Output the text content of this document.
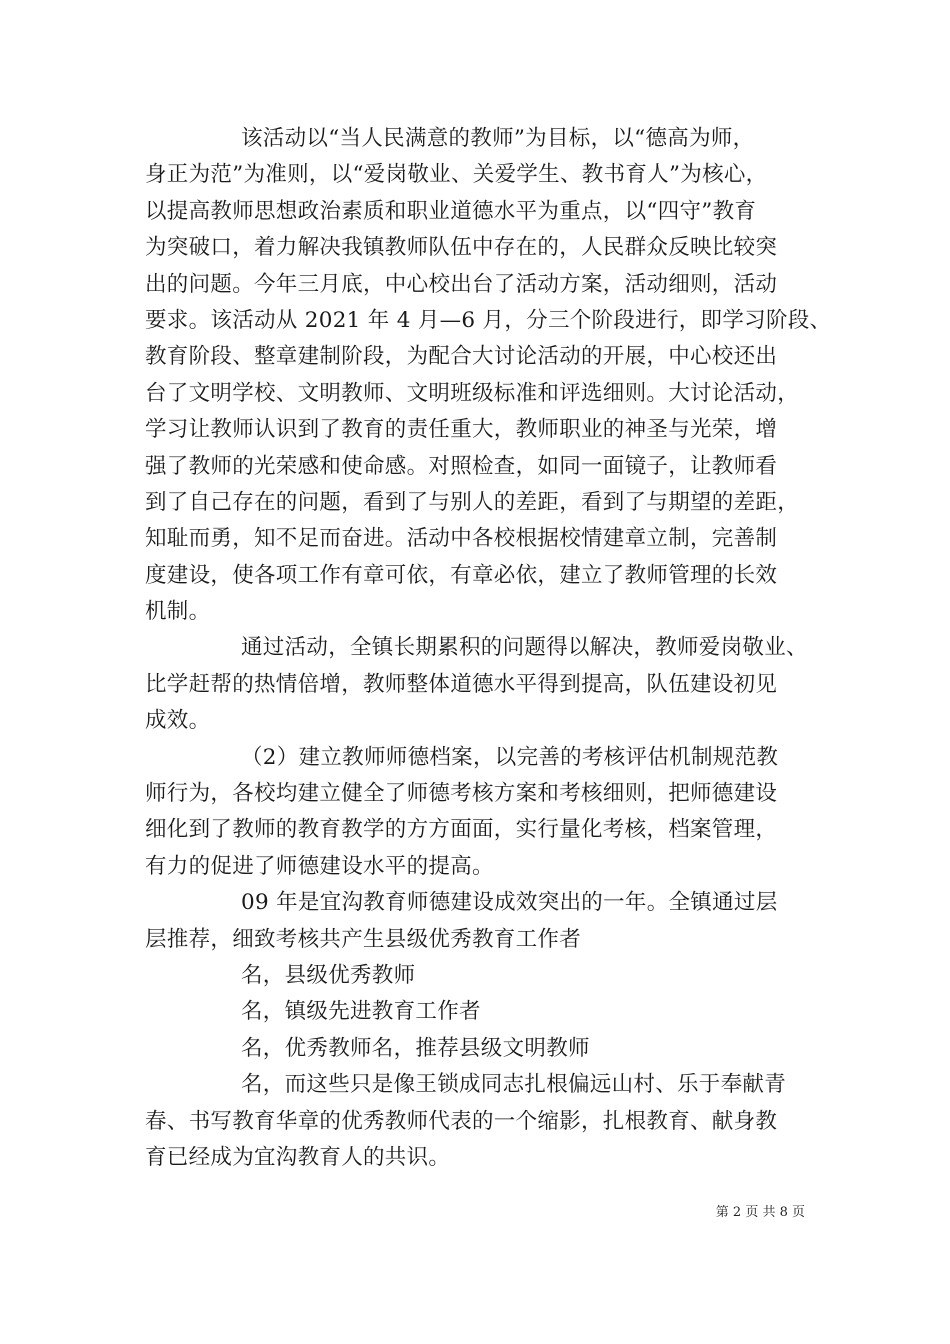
该活动以“当人民满意的教师”为目标，以“德高为师，
身正为范”为准则，以“爱岗敬业、关爱学生、教书育人”为核心，
以提高教师思想政治素质和职业道德水平为重点，以“四守”教育
为突破口，着力解决我镇教师队伍中存在的，人民群众反映比较突
出的问题。今年三月底，中心校出台了活动方案，活动细则，活动
要求。该活动从 2021 年 4 月—6 月，分三个阶段进行，即学习阶段、
教育阶段、整章建制阶段，为配合大讨论活动的开展，中心校还出
台了文明学校、文明教师、文明班级标准和评选细则。大讨论活动，
学习让教师认识到了教育的责任重大，教师职业的神圣与光荣，增
强了教师的光荣感和使命感。对照检查，如同一面镜子，让教师看
到了自己存在的问题，看到了与别人的差距，看到了与期望的差距，
知耻而勇，知不足而奋进。活动中各校根据校情建章立制，完善制
度建设，使各项工作有章可依，有章必依，建立了教师管理的长效
机制。
通过活动，全镇长期累积的问题得以解决，教师爱岗敬业、
比学赶帮的热情倍增，教师整体道德水平得到提高，队伍建设初见
成效。
（2）建立教师师德档案，以完善的考核评估机制规范教
师行为，各校均建立健全了师德考核方案和考核细则，把师德建设
细化到了教师的教育教学的方方面面，实行量化考核，档案管理，
有力的促进了师德建设水平的提高。
09 年是宜沟教育师德建设成效突出的一年。全镇通过层
层推荐，细致考核共产生县级优秀教育工作者
名，县级优秀教师
名，镇级先进教育工作者
名，优秀教师名，推荐县级文明教师
名，而这些只是像王锁成同志扎根偏远山村、乐于奉献青
春、书写教育华章的优秀教师代表的一个缩影，扎根教育、献身教
育已经成为宜沟教育人的共识。
第 2 页 共 8 页
